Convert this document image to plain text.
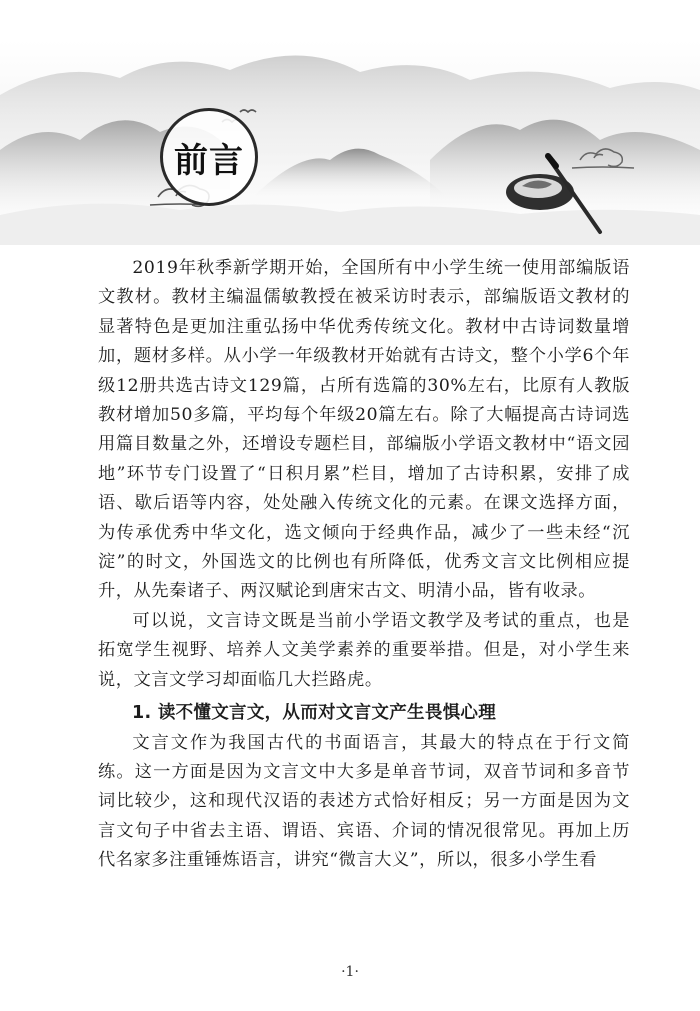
前言

2019年秋季新学期开始，全国所有中小学生统一使用部编版语文教材。教材主编温儒敏教授在被采访时表示，部编版语文教材的显著特色是更加注重弘扬中华优秀传统文化。教材中古诗词数量增加，题材多样。从小学一年级教材开始就有古诗文，整个小学6个年级12册共选古诗文129篇，占所有选篇的30%左右，比原有人教版教材增加50多篇，平均每个年级20篇左右。除了大幅提高古诗词选用篇目数量之外，还增设专题栏目，部编版小学语文教材中“语文园地”环节专门设置了“日积月累”栏目，增加了古诗积累，安排了成语、歇后语等内容，处处融入传统文化的元素。在课文选择方面，为传承优秀中华文化，选文倾向于经典作品，减少了一些未经“沉淀”的时文，外国选文的比例也有所降低，优秀文言文比例相应提升，从先秦诸子、两汉赋论到唐宋古文、明清小品，皆有收录。

可以说，文言诗文既是当前小学语文教学及考试的重点，也是拓宽学生视野、培养人文美学素养的重要举措。但是，对小学生来说，文言文学习却面临几大拦路虎。

1. 读不懂文言文，从而对文言文产生畏惧心理

文言文作为我国古代的书面语言，其最大的特点在于行文简练。这一方面是因为文言文中大多是单音节词，双音节词和多音节词比较少，这和现代汉语的表述方式恰好相反；另一方面是因为文言文句子中省去主语、谓语、宾语、介词的情况很常见。再加上历代名家多注重锤炼语言，讲究“微言大义”，所以，很多小学生看

·1·
